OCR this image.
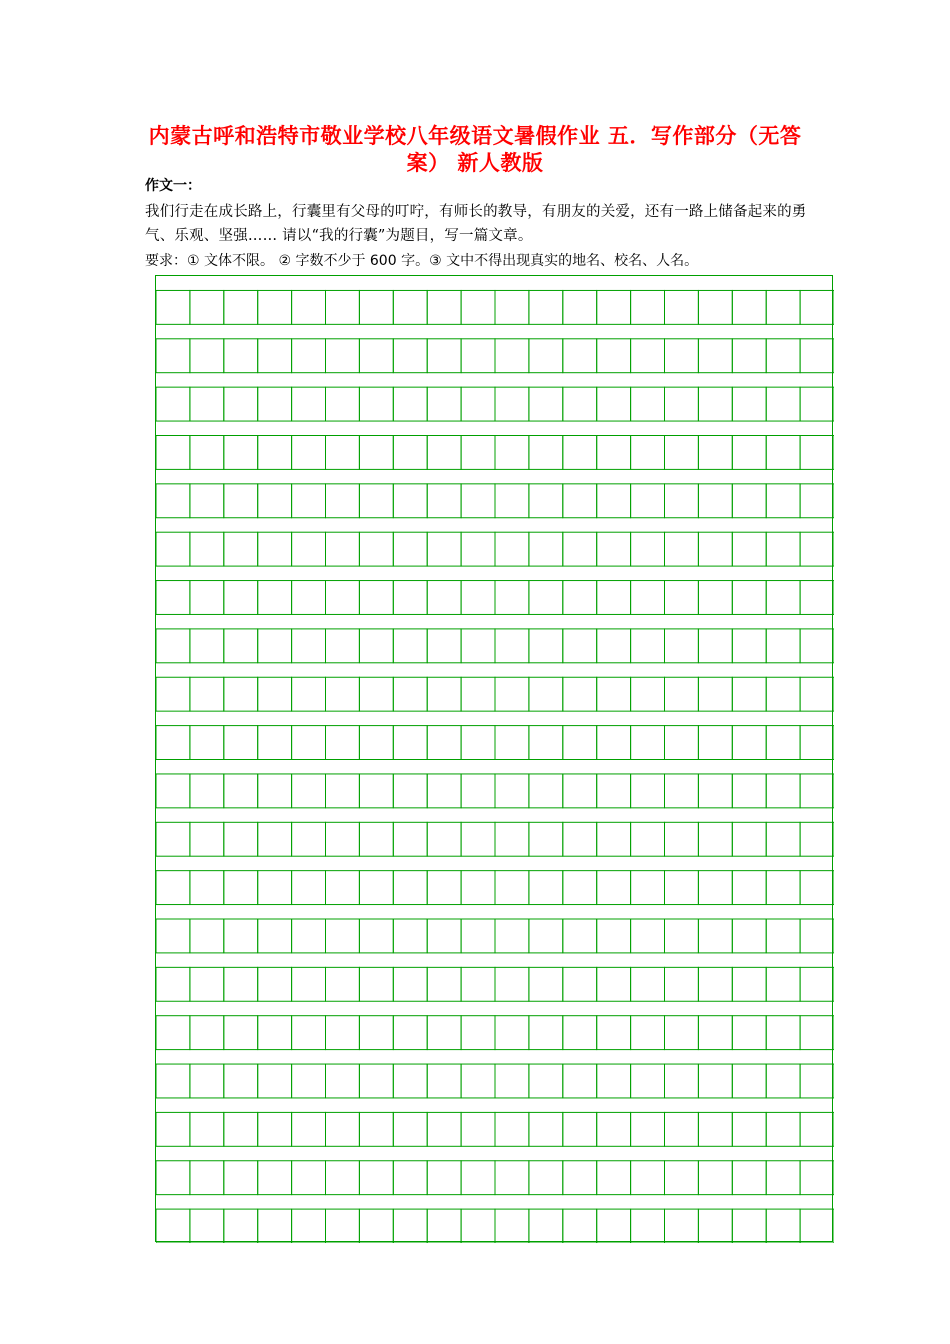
内蒙古呼和浩特市敬业学校八年级语文暑假作业 五．写作部分（无答案） 新人教版
作文一：
我们行走在成长路上，行囊里有父母的叮咛，有师长的教导，有朋友的关爱，还有一路上储备起来的勇气、乐观、坚强…… 请以“我的行囊”为题目，写一篇文章。
要求：① 文体不限。 ② 字数不少于 600 字。③ 文中不得出现真实的地名、校名、人名。
